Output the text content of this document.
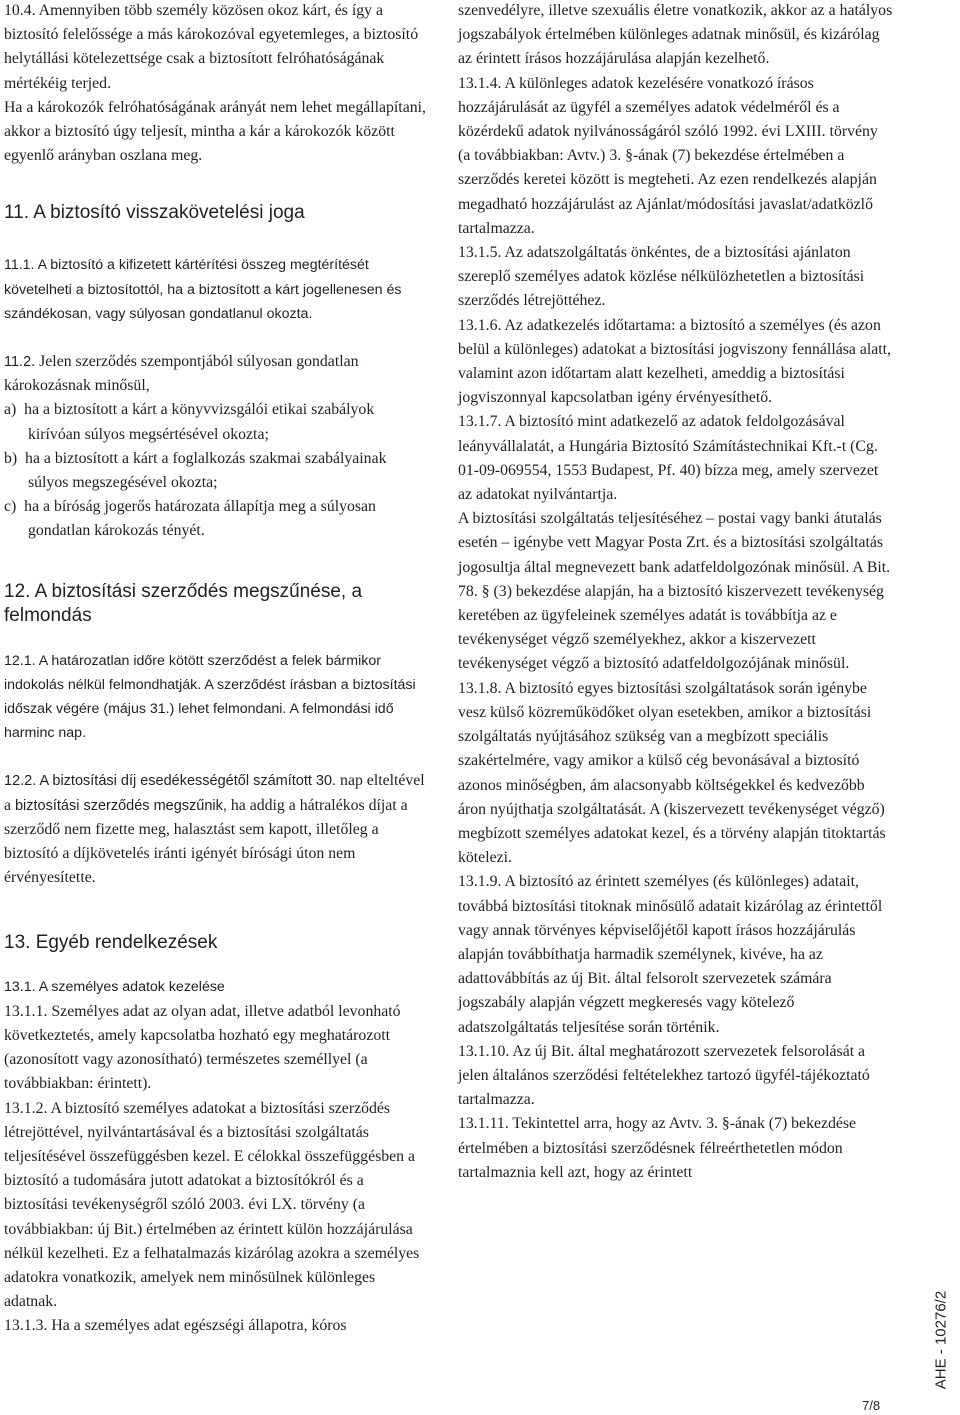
10.4. Amennyiben több személy közösen okoz kárt, és így a biztosító felelőssége a más károkozóval egyetemleges, a biztosító helytállási kötelezettsége csak a biztosított felróhatóságának mértékéig terjed.

Ha a károkozók felróhatóságának arányát nem lehet megállapítani, akkor a biztosító úgy teljesít, mintha a kár a károkozók között egyenlő arányban oszlana meg.

11. A biztosító visszakövetelési joga

11.1. A biztosító a kifizetett kártérítési összeg megtérítését követelheti a biztosítottól, ha a biztosított a kárt jogellenesen és szándékosan, vagy súlyosan gondatlanul okozta.

11.2. Jelen szerződés szempontjából súlyosan gondatlan károkozásnak minősül,

a) ha a biztosított a kárt a könyvvizsgálói etikai szabályok kirívóan súlyos megsértésével okozta;

b) ha a biztosított a kárt a foglalkozás szakmai szabályainak súlyos megszegésével okozta;

c) ha a bíróság jogerős határozata állapítja meg a súlyosan gondatlan károkozás tényét.

12. A biztosítási szerződés megszűnése, a felmondás

12.1. A határozatlan időre kötött szerződést a felek bármikor indokolás nélkül felmondhatják. A szerződést írásban a biztosítási időszak végére (május 31.) lehet felmondani. A felmondási idő harminc nap.

12.2. A biztosítási díj esedékességétől számított 30. nap elteltével a biztosítási szerződés megszűnik, ha addig a hátralékos díjat a szerződő nem fizette meg, halasztást sem kapott, illetőleg a biztosító a díjkövetelés iránti igényét bírósági úton nem érvényesítette.

13. Egyéb rendelkezések

13.1. A személyes adatok kezelése

13.1.1. Személyes adat az olyan adat, illetve adatból levonható következtetés, amely kapcsolatba hozható egy meghatározott (azonosított vagy azonosítható) természetes személlyel (a továbbiakban: érintett).

13.1.2. A biztosító személyes adatokat a biztosítási szerződés létrejöttével, nyilvántartásával és a biztosítási szolgáltatás teljesítésével összefüggésben kezel. E célokkal összefüggésben a biztosító a tudomására jutott adatokat a biztosítókról és a biztosítási tevékenységről szóló 2003. évi LX. törvény (a továbbiakban: új Bit.) értelmében az érintett külön hozzájárulása nélkül kezelheti. Ez a felhatalmazás kizárólag azokra a személyes adatokra vonatkozik, amelyek nem minősülnek különleges adatnak.

13.1.3. Ha a személyes adat egészségi állapotra, kóros

szenvedélyre, illetve szexuális életre vonatkozik, akkor az a hatályos jogszabályok értelmében különleges adatnak minősül, és kizárólag az érintett írásos hozzájárulása alapján kezelhető.

13.1.4. A különleges adatok kezelésére vonatkozó írásos hozzájárulását az ügyfél a személyes adatok védelméről és a közérdekű adatok nyilvánosságáról szóló 1992. évi LXIII. törvény (a továbbiakban: Avtv.) 3. §-ának (7) bekezdése értelmében a szerződés keretei között is megteheti. Az ezen rendelkezés alapján megadható hozzájárulást az Ajánlat/módosítási javaslat/adatközlő tartalmazza.

13.1.5. Az adatszolgáltatás önkéntes, de a biztosítási ajánlaton szereplő személyes adatok közlése nélkülözhetetlen a biztosítási szerződés létrejöttéhez.

13.1.6. Az adatkezelés időtartama: a biztosító a személyes (és azon belül a különleges) adatokat a biztosítási jogviszony fennállása alatt, valamint azon időtartam alatt kezelheti, ameddig a biztosítási jogviszonnyal kapcsolatban igény érvényesíthető.

13.1.7. A biztosító mint adatkezelő az adatok feldolgozásával leányvállalatát, a Hungária Biztosító Számítástechnikai Kft.-t (Cg. 01-09-069554, 1553 Budapest, Pf. 40) bízza meg, amely szervezet az adatokat nyilvántartja.

A biztosítási szolgáltatás teljesítéséhez – postai vagy banki átutalás esetén – igénybe vett Magyar Posta Zrt. és a biztosítási szolgáltatás jogosultja által megnevezett bank adatfeldolgozónak minősül. A Bit. 78. § (3) bekezdése alapján, ha a biztosító kiszervezett tevékenység keretében az ügyfeleinek személyes adatát is továbbítja az e tevékenységet végző személyekhez, akkor a kiszervezett tevékenységet végző a biztosító adatfeldolgozójának minősül.

13.1.8. A biztosító egyes biztosítási szolgáltatások során igénybe vesz külső közreműködőket olyan esetekben, amikor a biztosítási szolgáltatás nyújtásához szükség van a megbízott speciális szakértelmére, vagy amikor a külső cég bevonásával a biztosító azonos minőségben, ám alacsonyabb költségekkel és kedvezőbb áron nyújthatja szolgáltatását. A (kiszervezett tevékenységet végző) megbízott személyes adatokat kezel, és a törvény alapján titoktartás kötelezi.

13.1.9. A biztosító az érintett személyes (és különleges) adatait, továbbá biztosítási titoknak minősülő adatait kizárólag az érintettől vagy annak törvényes képviselőjétől kapott írásos hozzájárulás alapján továbbíthatja harmadik személynek, kivéve, ha az adattovábbítás az új Bit. által felsorolt szervezetek számára jogszabály alapján végzett megkeresés vagy kötelező adatszolgáltatás teljesítése során történik.

13.1.10. Az új Bit. által meghatározott szervezetek felsorolását a jelen általános szerződési feltételekhez tartozó ügyfél-tájékoztató tartalmazza.

13.1.11. Tekintettel arra, hogy az Avtv. 3. §-ának (7) bekezdése értelmében a biztosítási szerződésnek félreérthetetlen módon tartalmaznia kell azt, hogy az érintett

AHE - 10276/2
7/8
